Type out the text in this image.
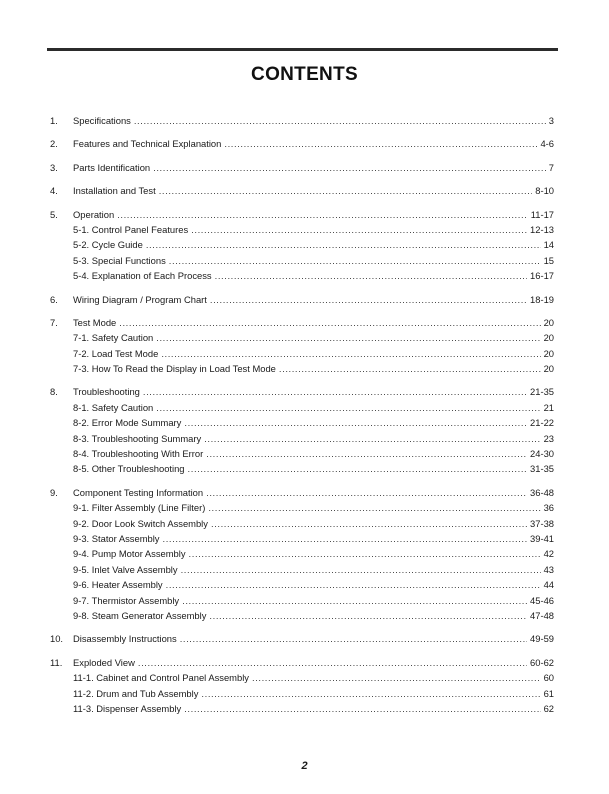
CONTENTS
1.	Specifications .....	3
2.	Features and Technical Explanation .....	4-6
3.	Parts Identification .....	7
4.	Installation and Test .....	8-10
5.	Operation .....	11-17
5-1. Control Panel Features .....	12-13
5-2. Cycle Guide .....	14
5-3. Special Functions .....	15
5-4. Explanation of Each Process .....	16-17
6.	Wiring Diagram / Program Chart .....	18-19
7.	Test Mode .....	20
7-1. Safety Caution .....	20
7-2. Load Test Mode .....	20
7-3. How To Read the Display in Load Test Mode .....	20
8.	Troubleshooting .....	21-35
8-1. Safety Caution .....	21
8-2. Error Mode Summary .....	21-22
8-3. Troubleshooting Summary .....	23
8-4. Troubleshooting With Error .....	24-30
8-5. Other Troubleshooting .....	31-35
9.	Component Testing Information .....	36-48
9-1. Filter Assembly (Line Filter) .....	36
9-2. Door Look Switch Assembly .....	37-38
9-3. Stator Assembly .....	39-41
9-4. Pump Motor Assembly .....	42
9-5. Inlet Valve Assembly .....	43
9-6. Heater Assembly .....	44
9-7. Thermistor Assembly .....	45-46
9-8. Steam Generator Assembly .....	47-48
10.	Disassembly Instructions .....	49-59
11.	Exploded View .....	60-62
11-1. Cabinet and Control Panel Assembly .....	60
11-2. Drum and Tub Assembly .....	61
11-3. Dispenser Assembly .....	62
2
